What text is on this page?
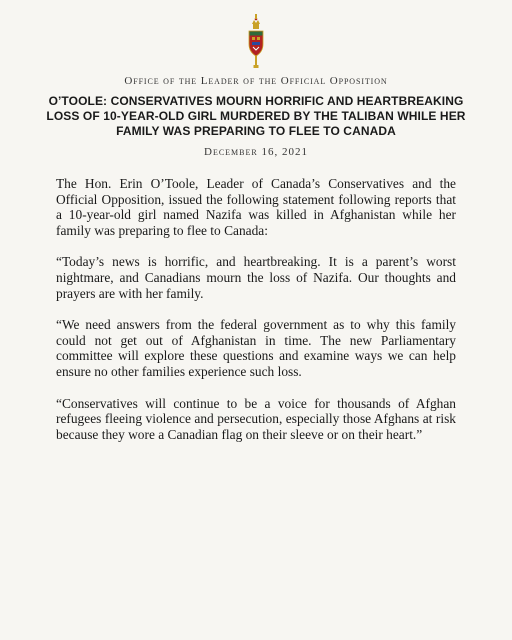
Office of the Leader of the Official Opposition
O’TOOLE: CONSERVATIVES MOURN HORRIFIC AND HEARTBREAKING LOSS OF 10-YEAR-OLD GIRL MURDERED BY THE TALIBAN WHILE HER FAMILY WAS PREPARING TO FLEE TO CANADA
December 16, 2021

The Hon. Erin O’Toole, Leader of Canada’s Conservatives and the Official Opposition, issued the following statement following reports that a 10-year-old girl named Nazifa was killed in Afghanistan while her family was preparing to flee to Canada:

“Today’s news is horrific, and heartbreaking. It is a parent’s worst nightmare, and Canadians mourn the loss of Nazifa. Our thoughts and prayers are with her family.

“We need answers from the federal government as to why this family could not get out of Afghanistan in time. The new Parliamentary committee will explore these questions and examine ways we can help ensure no other families experience such loss.

“Conservatives will continue to be a voice for thousands of Afghan refugees fleeing violence and persecution, especially those Afghans at risk because they wore a Canadian flag on their sleeve or on their heart.”
